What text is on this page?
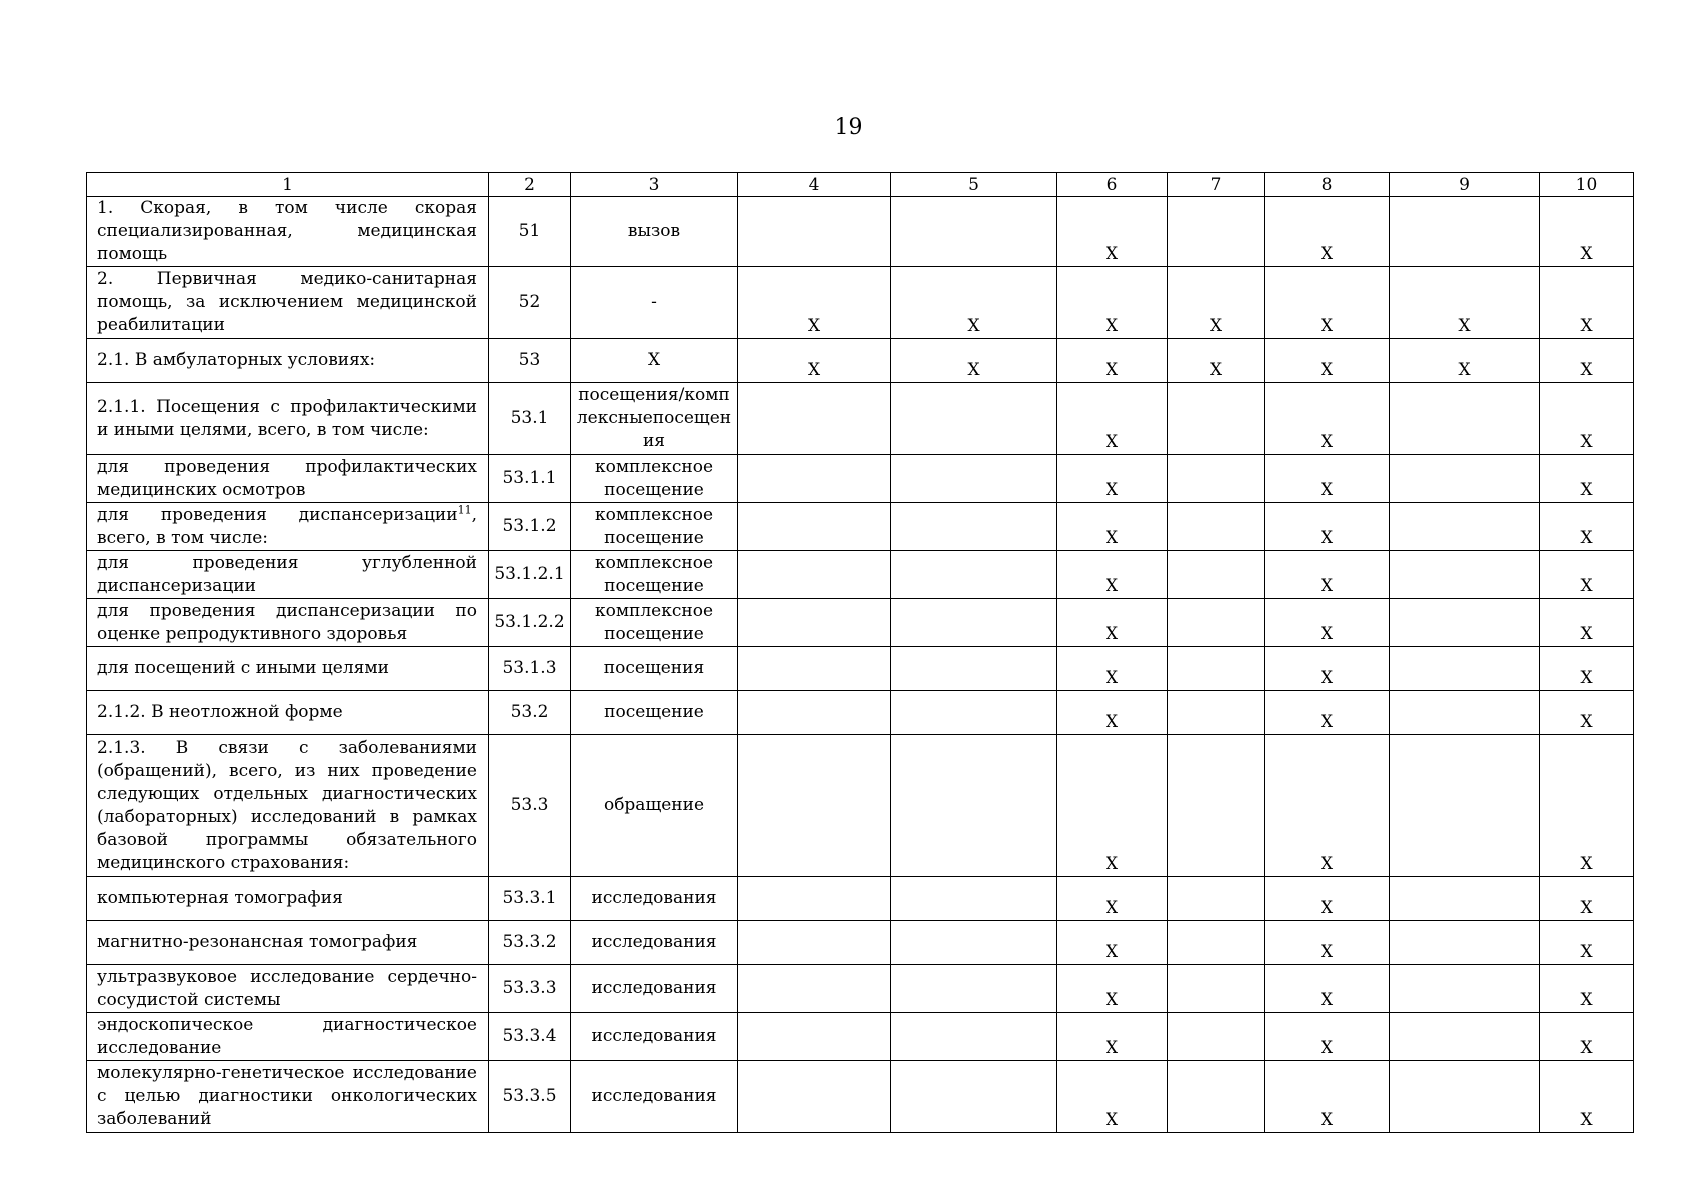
19
1	2	3	4	5	6	7	8	9	10
1. Скорая, в том числе скорая специализированная, медицинская помощь	51	вызов			X		X		X
2. Первичная медико-санитарная помощь, за исключением медицинской реабилитации	52	-	X	X	X	X	X	X	X
2.1. В амбулаторных условиях:	53	X	X	X	X	X	X	X	X
2.1.1. Посещения с профилактическими и иными целями, всего, в том числе:	53.1	посещения/ком​плексные​посещения			X		X		X
для проведения профилактических медицинских осмотров	53.1.1	комплексное посещение			X		X		X
для проведения диспансеризации$^{11}$, всего, в том числе:	53.1.2	комплексное посещение			X		X		X
для проведения углубленной диспансеризации	53.1.2.​1	комплексное посещение			X		X		X
для проведения диспансеризации по оценке репродуктивного здоровья	53.1.2.​2	комплексное посещение			X		X		X
для посещений с иными целями	53.1.3	посещения			X		X		X
2.1.2. В неотложной форме	53.2	посещение			X		X		X
2.1.3. В связи с заболеваниями (обращений), всего, из них проведение следующих отдельных диагностических (лабораторных) исследований в рамках базовой программы обязательного медицинского страхования:	53.3	обращение			X		X		X
компьютерная томография	53.3.1	исследования			X		X		X
магнитно-резонансная томография	53.3.2	исследования			X		X		X
ультразвуковое исследование сердечно-сосудистой системы	53.3.3	исследования			X		X		X
эндоскопическое диагностическое исследование	53.3.4	исследования			X		X		X
молекулярно-генетическое исследование с целью диагностики онкологических заболеваний	53.3.5	исследования			X		X		X
